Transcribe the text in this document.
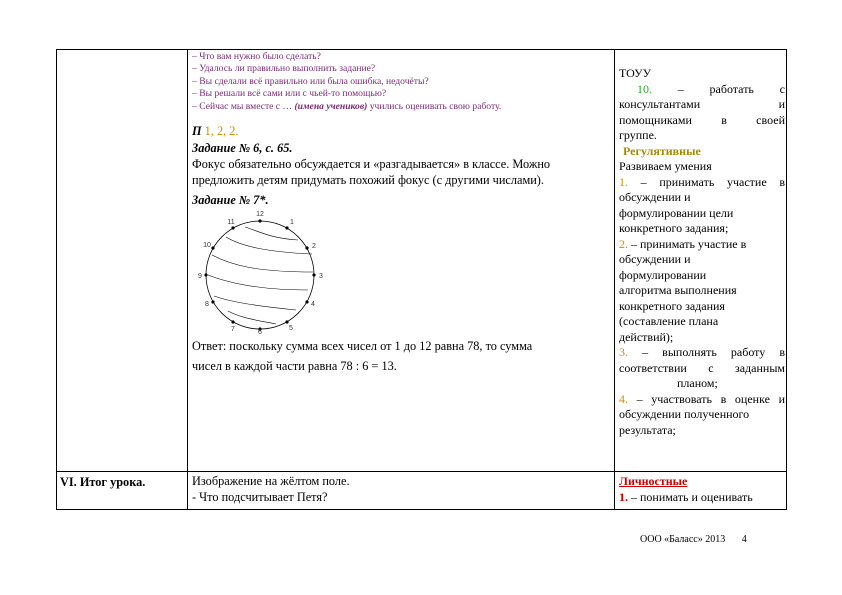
– Что вам нужно было сделать?
– Удалось ли правильно выполнить задание?
– Вы сделали всё правильно или была ошибка, недочёты?
– Вы решали всё сами или с чьей-то помощью?
– Сейчас мы вместе с … (имена учеников) учились оценивать свою работу.
П 1, 2, 2.
Задание № 6, с. 65.
Фокус обязательно обсуждается и «разгадывается» в классе. Можно
предложить детям придумать похожий фокус (с другими числами).
Задание № 7*.
12
1
2
3
4
5
6
7
8
9
10
11
Ответ: поскольку сумма всех чисел от 1 до 12 равна 78, то сумма
чисел в каждой части равна 78 : 6 = 13.
ТОУУ
10. – работать с
консультантами и
помощниками в своей
группе.
Регулятивные
Развиваем умения
1. – принимать участие в
обсуждении и
формулировании цели
конкретного задания;
2. – принимать участие в
обсуждении и
формулировании
алгоритма выполнения
конкретного задания
(составление плана
действий);
3. – выполнять работу в
соответствии с заданным
планом;
4. – участвовать в оценке и
обсуждении полученного
результата;
VI. Итог урока.	Изображение на жёлтом поле.
- Что подсчитывает Петя?
Личностные
1. – понимать и оценивать
ООО «Баласс» 2013 4
